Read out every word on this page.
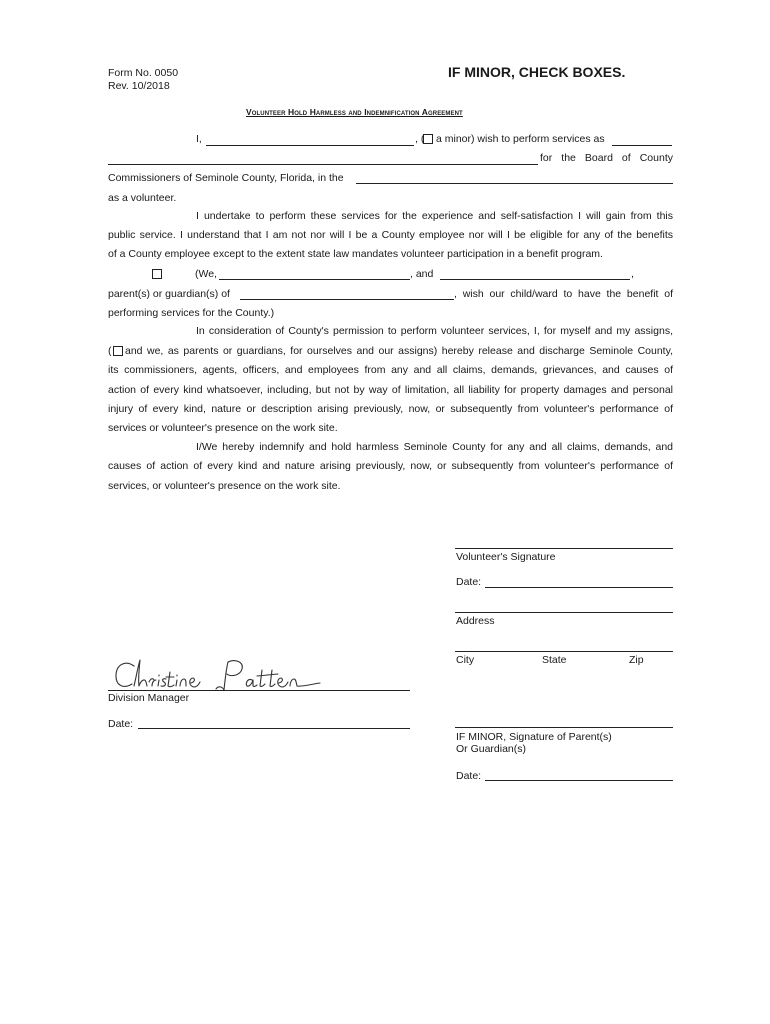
Form No. 0050
Rev. 10/2018
IF MINOR, CHECK BOXES.
Volunteer Hold Harmless and Indemnification Agreement
I,	, ( a minor) wish to perform services as
for the Board of County
Commissioners of Seminole County, Florida, in the
as a volunteer.
I undertake to perform these services for the experience and self-satisfaction I will gain from this
public service. I understand that I am not nor will I be a County employee nor will I be eligible for any of the benefits
of a County employee except to the extent state law mandates volunteer participation in a benefit program.
(We,	, and	,
parent(s) or guardian(s) of	, wish our child/ward to have the benefit of
performing services for the County.)
In consideration of County's permission to perform volunteer services, I, for myself and my assigns,
( and we, as parents or guardians, for ourselves and our assigns) hereby release and discharge Seminole County,
its commissioners, agents, officers, and employees from any and all claims, demands, grievances, and causes of
action of every kind whatsoever, including, but not by way of limitation, all liability for property damages and personal
injury of every kind, nature or description arising previously, now, or subsequently from volunteer's performance of
services or volunteer's presence on the work site.
I/We hereby indemnify and hold harmless Seminole County for any and all claims, demands, and
causes of action of every kind and nature arising previously, now, or subsequently from volunteer's performance of
services, or volunteer's presence on the work site.
Volunteer's Signature
Date:
Address
City	State	Zip
IF MINOR, Signature of Parent(s)
Or Guardian(s)
Date:
Division Manager
Date:
